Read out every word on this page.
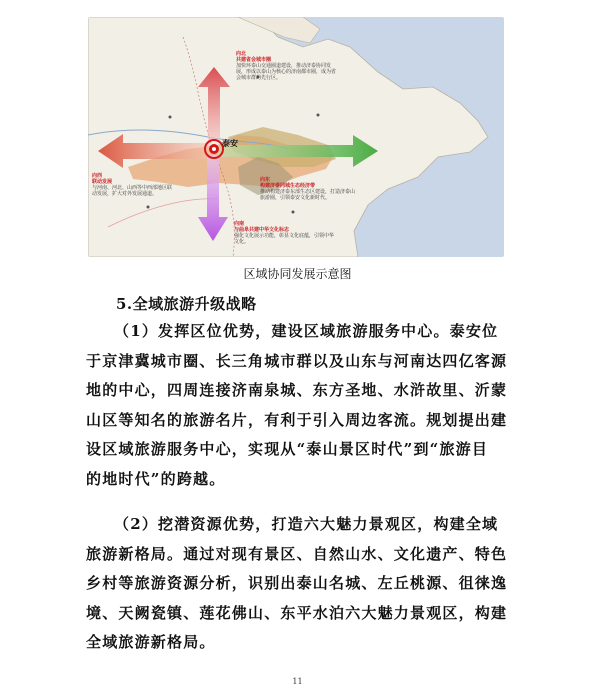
泰安
向北
共建省会城市圈
加快环泰山交通圈道建设，推动济泰协同发展，形成以泰山为核心的济南都市圈，成为省会城市群的先行区。
向西
联动发展
与河南、河北、山西等中西部地区联动发展，扩大对外发展通道。
向东
构建济泰同城生态经济带
推动构建济泰东部生态区建设，打造济泰山旅游圈，引领泰安文化新时代。
向南
与曲阜共建中华文化标志
强化文化展示功能，彰显文化底蕴，引领中华文化。
区域协同发展示意图
5.全域旅游升级战略
（1）发挥区位优势，建设区域旅游服务中心。泰安位
于京津冀城市圈、长三角城市群以及山东与河南达四亿客源
地的中心，四周连接济南泉城、东方圣地、水浒故里、沂蒙
山区等知名的旅游名片，有利于引入周边客流。规划提出建
设区域旅游服务中心，实现从“泰山景区时代”到“旅游目
的地时代”的跨越。
（2）挖潜资源优势，打造六大魅力景观区，构建全域
旅游新格局。通过对现有景区、自然山水、文化遗产、特色
乡村等旅游资源分析，识别出泰山名城、左丘桃源、徂徕逸
境、天阙瓷镇、莲花佛山、东平水泊六大魅力景观区，构建
全域旅游新格局。
11
